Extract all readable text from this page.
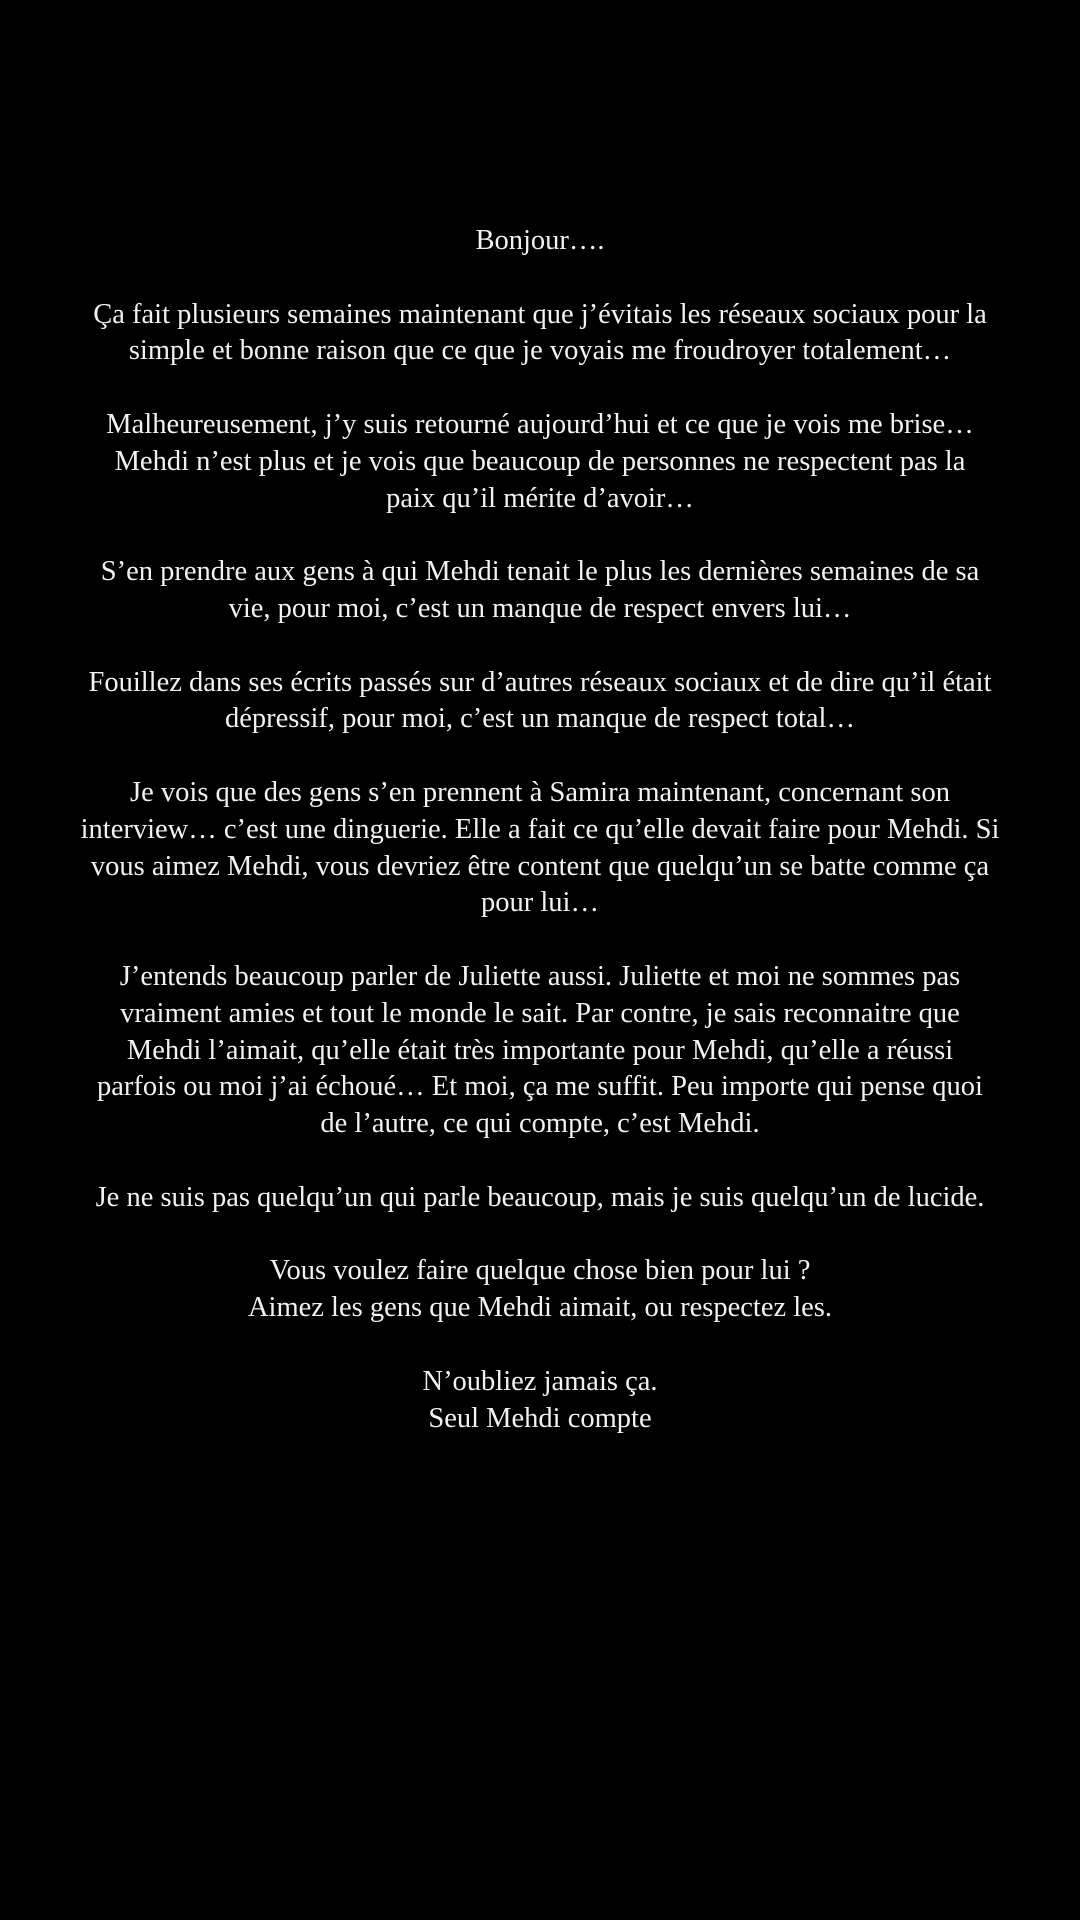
Bonjour….
Ça fait plusieurs semaines maintenant que j’évitais les réseaux sociaux pour la
simple et bonne raison que ce que je voyais me froudroyer totalement…
Malheureusement, j’y suis retourné aujourd’hui et ce que je vois me brise…
Mehdi n’est plus et je vois que beaucoup de personnes ne respectent pas la
paix qu’il mérite d’avoir…
S’en prendre aux gens à qui Mehdi tenait le plus les dernières semaines de sa
vie, pour moi, c’est un manque de respect envers lui…
Fouillez dans ses écrits passés sur d’autres réseaux sociaux et de dire qu’il était
dépressif, pour moi, c’est un manque de respect total…
Je vois que des gens s’en prennent à Samira maintenant, concernant son
interview… c’est une dinguerie. Elle a fait ce qu’elle devait faire pour Mehdi. Si
vous aimez Mehdi, vous devriez être content que quelqu’un se batte comme ça
pour lui…
J’entends beaucoup parler de Juliette aussi. Juliette et moi ne sommes pas
vraiment amies et tout le monde le sait. Par contre, je sais reconnaitre que
Mehdi l’aimait, qu’elle était très importante pour Mehdi, qu’elle a réussi
parfois ou moi j’ai échoué… Et moi, ça me suffit. Peu importe qui pense quoi
de l’autre, ce qui compte, c’est Mehdi.
Je ne suis pas quelqu’un qui parle beaucoup, mais je suis quelqu’un de lucide.
Vous voulez faire quelque chose bien pour lui ?
Aimez les gens que Mehdi aimait, ou respectez les.
N’oubliez jamais ça.
Seul Mehdi compte
